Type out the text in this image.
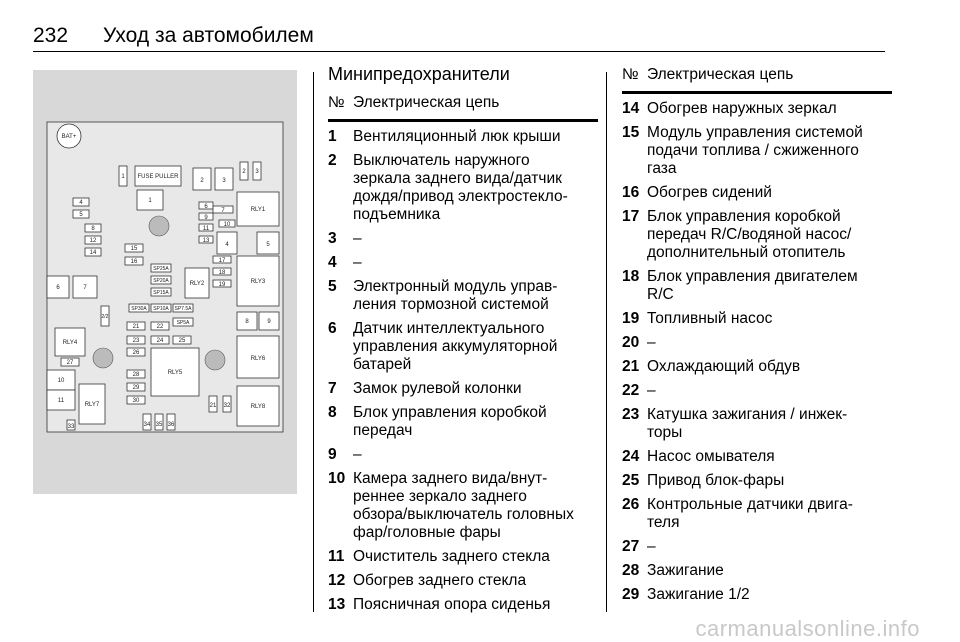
232 Уход за автомобилем
BAT+
FUSE PULLER
1
1
2	3
2 3
RLY1
4
5
8
12
14
15
16
6
9
11
13
7
10
4	5
17
18
19
RLY2	RLY3
8	9
SP25A
SP20A
SP15A
SP30A SP10A SP7.5A
SP5A
6	7
2/2
RLY4
27
10
11
RLY7
33
21	22
23	24	25
26
28
29
30
RLY5
RLY6
RLY8
21 32
34 35 36
Минипредохранители
№ Электрическая цепь
1 Вентиляционный люк крыши
2 Выключатель наружного
зеркала заднего вида/датчик
дождя/привод электростекло-
подъемника
3 –
4 –
5 Электронный модуль управ-
ления тормозной системой
6 Датчик интеллектуального
управления аккумуляторной
батарей
7 Замок рулевой колонки
8 Блок управления коробкой
передач
9 –
10 Камера заднего вида/внут-
реннее зеркало заднего
обзора/выключатель головных
фар/головные фары
11 Очиститель заднего стекла
12 Обогрев заднего стекла
13 Поясничная опора сиденья
№ Электрическая цепь
14 Обогрев наружных зеркал
15 Модуль управления системой
подачи топлива / сжиженного
газа
16 Обогрев сидений
17 Блок управления коробкой
передач R/C/водяной насос/
дополнительный отопитель
18 Блок управления двигателем
R/C
19 Топливный насос
20 –
21 Охлаждающий обдув
22 –
23 Катушка зажигания / инжек-
торы
24 Насос омывателя
25 Привод блок-фары
26 Контрольные датчики двига-
теля
27 –
28 Зажигание
29 Зажигание 1/2
carmanualsonline.info
